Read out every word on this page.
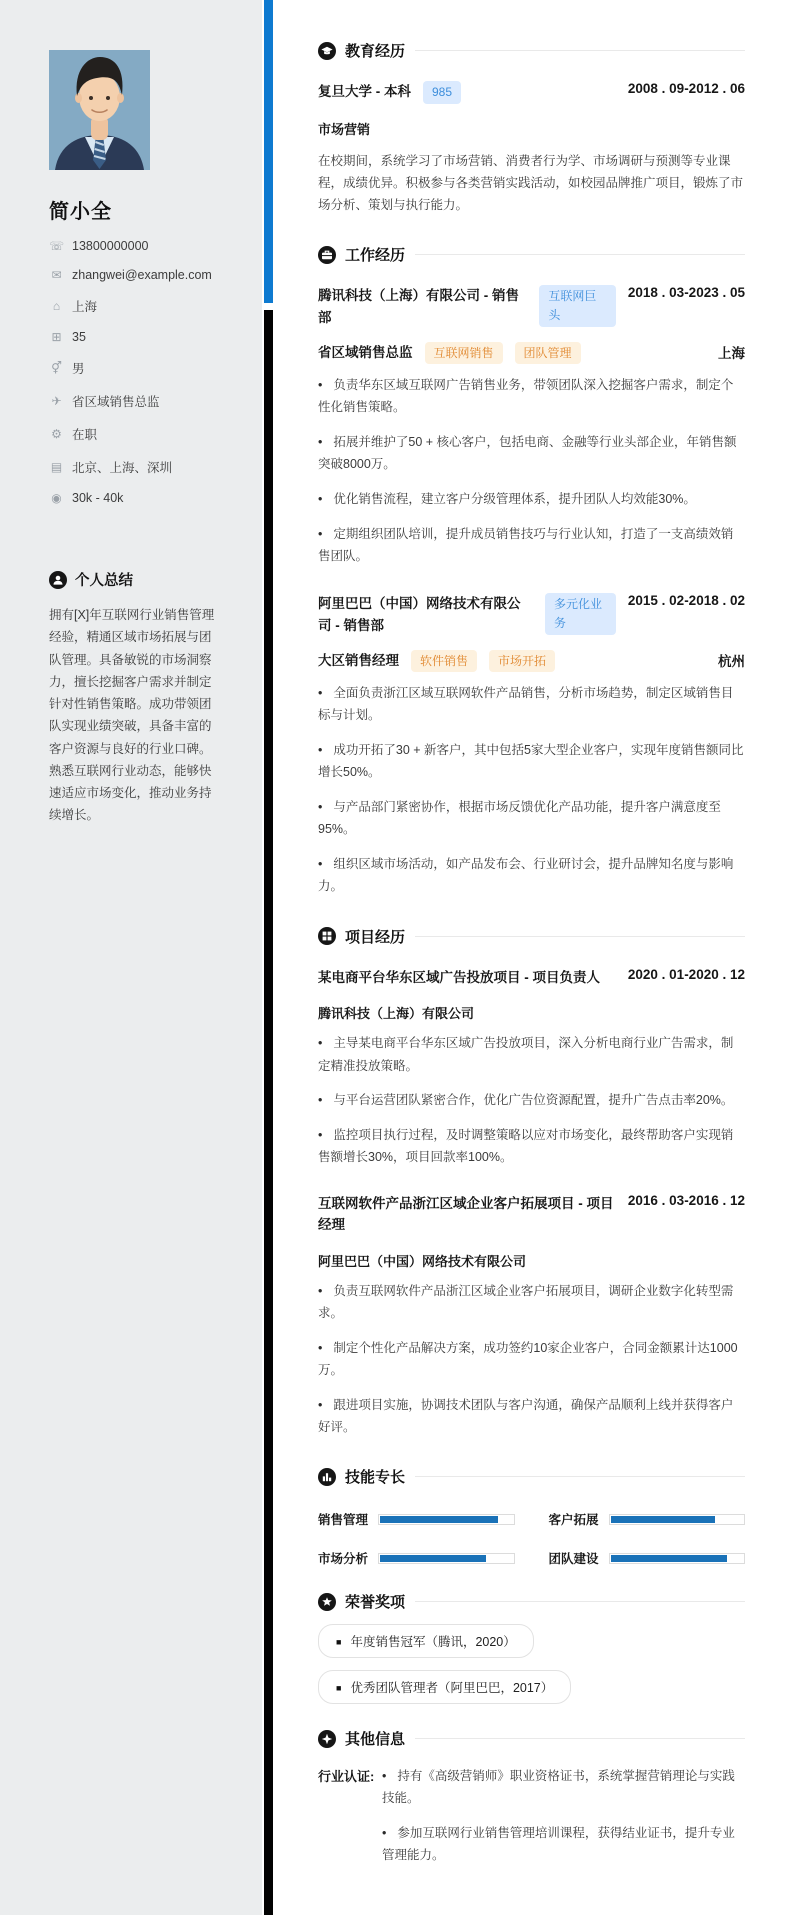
简小全
☏ 13800000000
✉ zhangwei@example.com
⌂ 上海
⊞ 35
⚥ 男
✈ 省区域销售总监
⚙ 在职
▤ 北京、上海、深圳
◉ 30k - 40k
个人总结

拥有[X]年互联网行业销售管理经验，精通区域市场拓展与团队管理。具备敏锐的市场洞察力，擅长挖掘客户需求并制定针对性销售策略。成功带领团队实现业绩突破，具备丰富的客户资源与良好的行业口碑。熟悉互联网行业动态，能够快速适应市场变化，推动业务持续增长。

教育经历
复旦大学 - 本科	985	2008 . 09-2012 . 06
市场营销

在校期间，系统学习了市场营销、消费者行为学、市场调研与预测等专业课程，成绩优异。积极参与各类营销实践活动，如校园品牌推广项目，锻炼了市场分析、策划与执行能力。

工作经历
腾讯科技（上海）有限公司 - 销售部
互联网巨头
2018 . 03-2023 . 05
省区域销售总监	互联网销售	团队管理	上海

• 负责华东区域互联网广告销售业务，带领团队深入挖掘客户需求，制定个性化销售策略。

• 拓展并维护了50 + 核心客户，包括电商、金融等行业头部企业，年销售额突破8000万。

• 优化销售流程，建立客户分级管理体系，提升团队人均效能30%。

• 定期组织团队培训，提升成员销售技巧与行业认知，打造了一支高绩效销售团队。

阿里巴巴（中国）网络技术有限公司 - 销售部
多元化业务
2015 . 02-2018 . 02
大区销售经理	软件销售	市场开拓	杭州

• 全面负责浙江区域互联网软件产品销售，分析市场趋势，制定区域销售目标与计划。

• 成功开拓了30 + 新客户，其中包括5家大型企业客户，实现年度销售额同比增长50%。

• 与产品部门紧密协作，根据市场反馈优化产品功能，提升客户满意度至95%。

• 组织区域市场活动，如产品发布会、行业研讨会，提升品牌知名度与影响力。

项目经历
某电商平台华东区域广告投放项目 - 项目负责人 2020 . 01-2020 . 12
腾讯科技（上海）有限公司

• 主导某电商平台华东区域广告投放项目，深入分析电商行业广告需求，制定精准投放策略。

• 与平台运营团队紧密合作，优化广告位资源配置，提升广告点击率20%。

• 监控项目执行过程，及时调整策略以应对市场变化，最终帮助客户实现销售额增长30%，项目回款率100%。

互联网软件产品浙江区域企业客户拓展项目 - 项目经理
2016 . 03-2016 . 12
阿里巴巴（中国）网络技术有限公司

• 负责互联网软件产品浙江区域企业客户拓展项目，调研企业数字化转型需求。

• 制定个性化产品解决方案，成功签约10家企业客户，合同金额累计达1000万。

• 跟进项目实施，协调技术团队与客户沟通，确保产品顺利上线并获得客户好评。

技能专长
销售管理	客户拓展
市场分析	团队建设
荣誉奖项
■ 年度销售冠军（腾讯，2020）
■ 优秀团队管理者（阿里巴巴，2017）
其他信息
行业认证:	• 持有《高级营销师》职业资格证书，系统掌握营销理论与实践技能。

• 参加互联网行业销售管理培训课程，获得结业证书，提升专业管理能力。
